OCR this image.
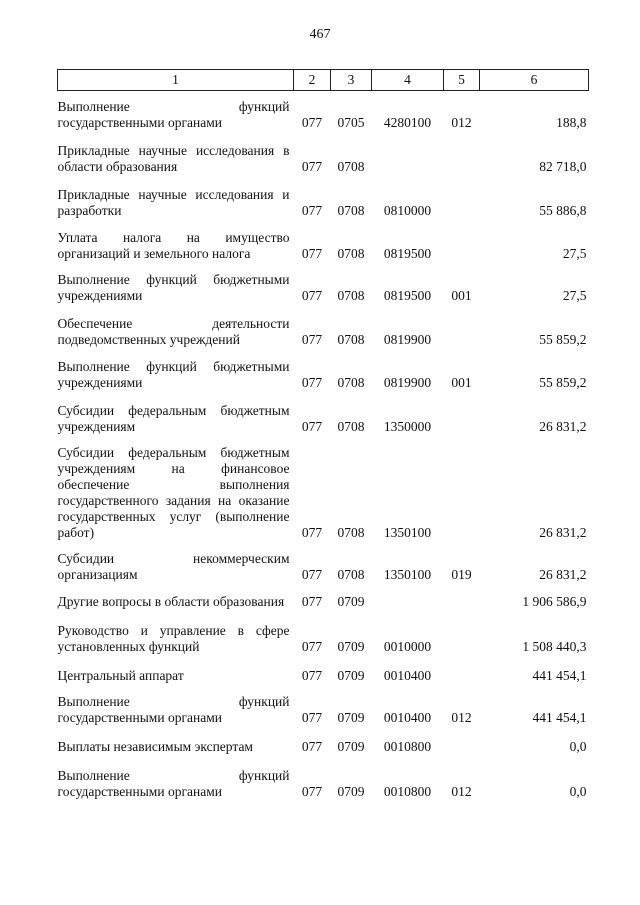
467
1	2	3	4	5	6
Выполнение функций государственными органами	077	0705	4280100	012	188,8
Прикладные научные исследования в области образования	077	0708			82 718,0
Прикладные научные исследования и разработки	077	0708	0810000		55 886,8
Уплата налога на имущество организаций и земельного налога	077	0708	0819500		27,5
Выполнение функций бюджетными учреждениями	077	0708	0819500	001	27,5
Обеспечение деятельности подведомственных учреждений	077	0708	0819900		55 859,2
Выполнение функций бюджетными учреждениями	077	0708	0819900	001	55 859,2
Субсидии федеральным бюджетным учреждениям	077	0708	1350000		26 831,2
Субсидии федеральным бюджетным учреждениям на финансовое обеспечение выполнения государственного задания на оказание государственных услуг (выполнение работ)	077	0708	1350100		26 831,2
Субсидии некоммерческим организациям	077	0708	1350100	019	26 831,2
Другие вопросы в области образования	077	0709			1 906 586,9
Руководство и управление в сфере установленных функций	077	0709	0010000		1 508 440,3
Центральный аппарат	077	0709	0010400		441 454,1
Выполнение функций государственными органами	077	0709	0010400	012	441 454,1
Выплаты независимым экспертам	077	0709	0010800		0,0
Выполнение функций государственными органами	077	0709	0010800	012	0,0
